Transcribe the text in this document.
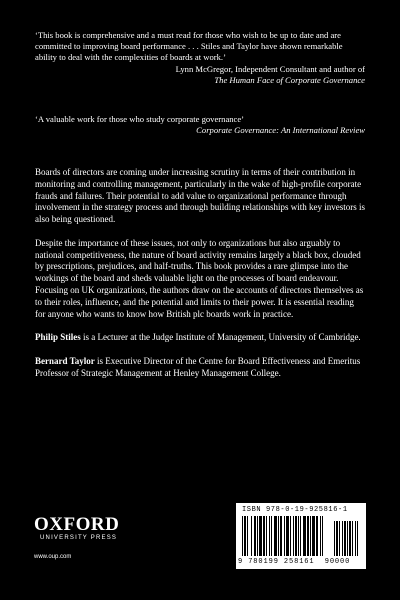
‘This book is comprehensive and a must read for those who wish to be up to date and are committed to improving board performance . . . Stiles and Taylor have shown remarkable ability to deal with the complexities of boards at work.’

Lynn McGregor, Independent Consultant and author of
The Human Face of Corporate Governance

‘A valuable work for those who study corporate governance’

Corporate Governance: An International Review

Boards of directors are coming under increasing scrutiny in terms of their contribution in monitoring and controlling management, particularly in the wake of high-profile corporate frauds and failures. Their potential to add value to organizational performance through involvement in the strategy process and through building relationships with key investors is also being questioned.

Despite the importance of these issues, not only to organizations but also arguably to national competitiveness, the nature of board activity remains largely a black box, clouded by prescriptions, prejudices, and half-truths. This book provides a rare glimpse into the workings of the board and sheds valuable light on the processes of board endeavour. Focusing on UK organizations, the authors draw on the accounts of directors themselves as to their roles, influence, and the potential and limits to their power. It is essential reading for anyone who wants to know how British plc boards work in practice.

Philip Stiles is a Lecturer at the Judge Institute of Management, University of Cambridge.

Bernard Taylor is Executive Director of the Centre for Board Effectiveness and Emeritus Professor of Strategic Management at Henley Management College.

OXFORD
UNIVERSITY PRESS
www.oup.com
ISBN 978-0-19-925816-1
9 780199 258161 90000
